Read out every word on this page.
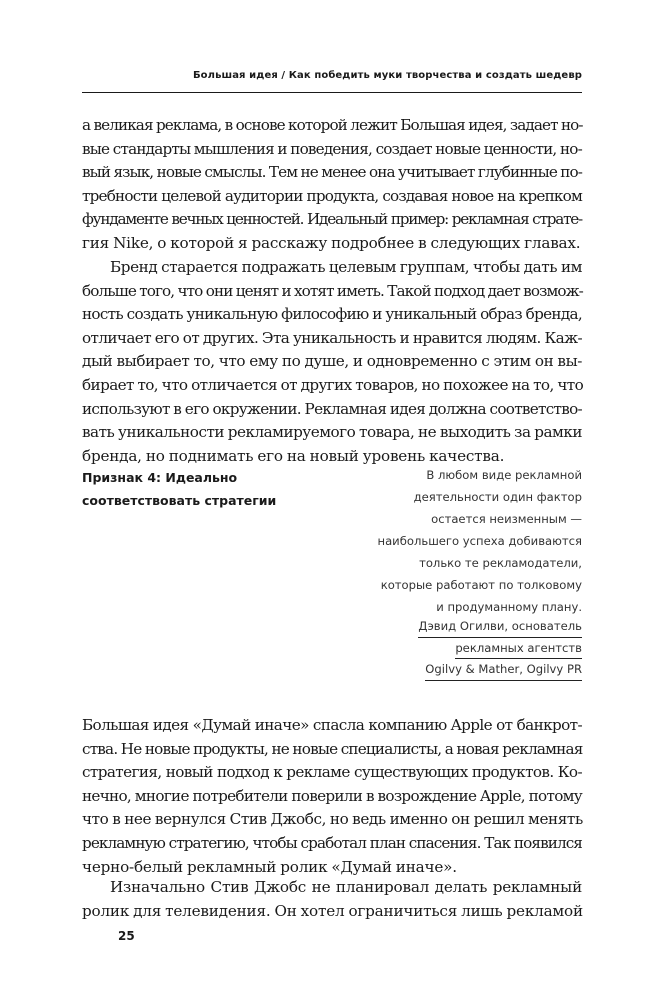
Большая идея / Как победить муки творчества и создать шедевр

а великая реклама, в основе которой лежит Большая идея, задает но-
вые стандарты мышления и поведения, создает новые ценности, но-
вый язык, новые смыслы. Тем не менее она учитывает глубинные по-
требности целевой аудитории продукта, создавая новое на крепком
фундаменте вечных ценностей. Идеальный пример: рекламная страте-
гия Nike, о которой я расскажу подробнее в следующих главах.

Бренд старается подражать целевым группам, чтобы дать им
больше того, что они ценят и хотят иметь. Такой подход дает возмож-
ность создать уникальную философию и уникальный образ бренда,
отличает его от других. Эта уникальность и нравится людям. Каж-
дый выбирает то, что ему по душе, и одновременно с этим он вы-
бирает то, что отличается от других товаров, но похожее на то, что
используют в его окружении. Рекламная идея должна соответство-
вать уникальности рекламируемого товара, не выходить за рамки
бренда, но поднимать его на новый уровень качества.

Признак 4: Идеально
соответствовать стратегии
В любом виде рекламной
деятельности один фактор
остается неизменным —
наибольшего успеха добиваются
только те рекламодатели,
которые работают по толковому
и продуманному плану.
Дэвид Огилви, основатель
рекламных агентств
Ogilvy & Mather, Ogilvy PR

Большая идея «Думай иначе» спасла компанию Apple от банкрот-
ства. Не новые продукты, не новые специалисты, а новая рекламная
стратегия, новый подход к рекламе существующих продуктов. Ко-
нечно, многие потребители поверили в возрождение Apple, потому
что в нее вернулся Стив Джобс, но ведь именно он решил менять
рекламную стратегию, чтобы сработал план спасения. Так появился
черно-белый рекламный ролик «Думай иначе».

Изначально Стив Джобс не планировал делать рекламный
ролик для телевидения. Он хотел ограничиться лишь рекламой

25
